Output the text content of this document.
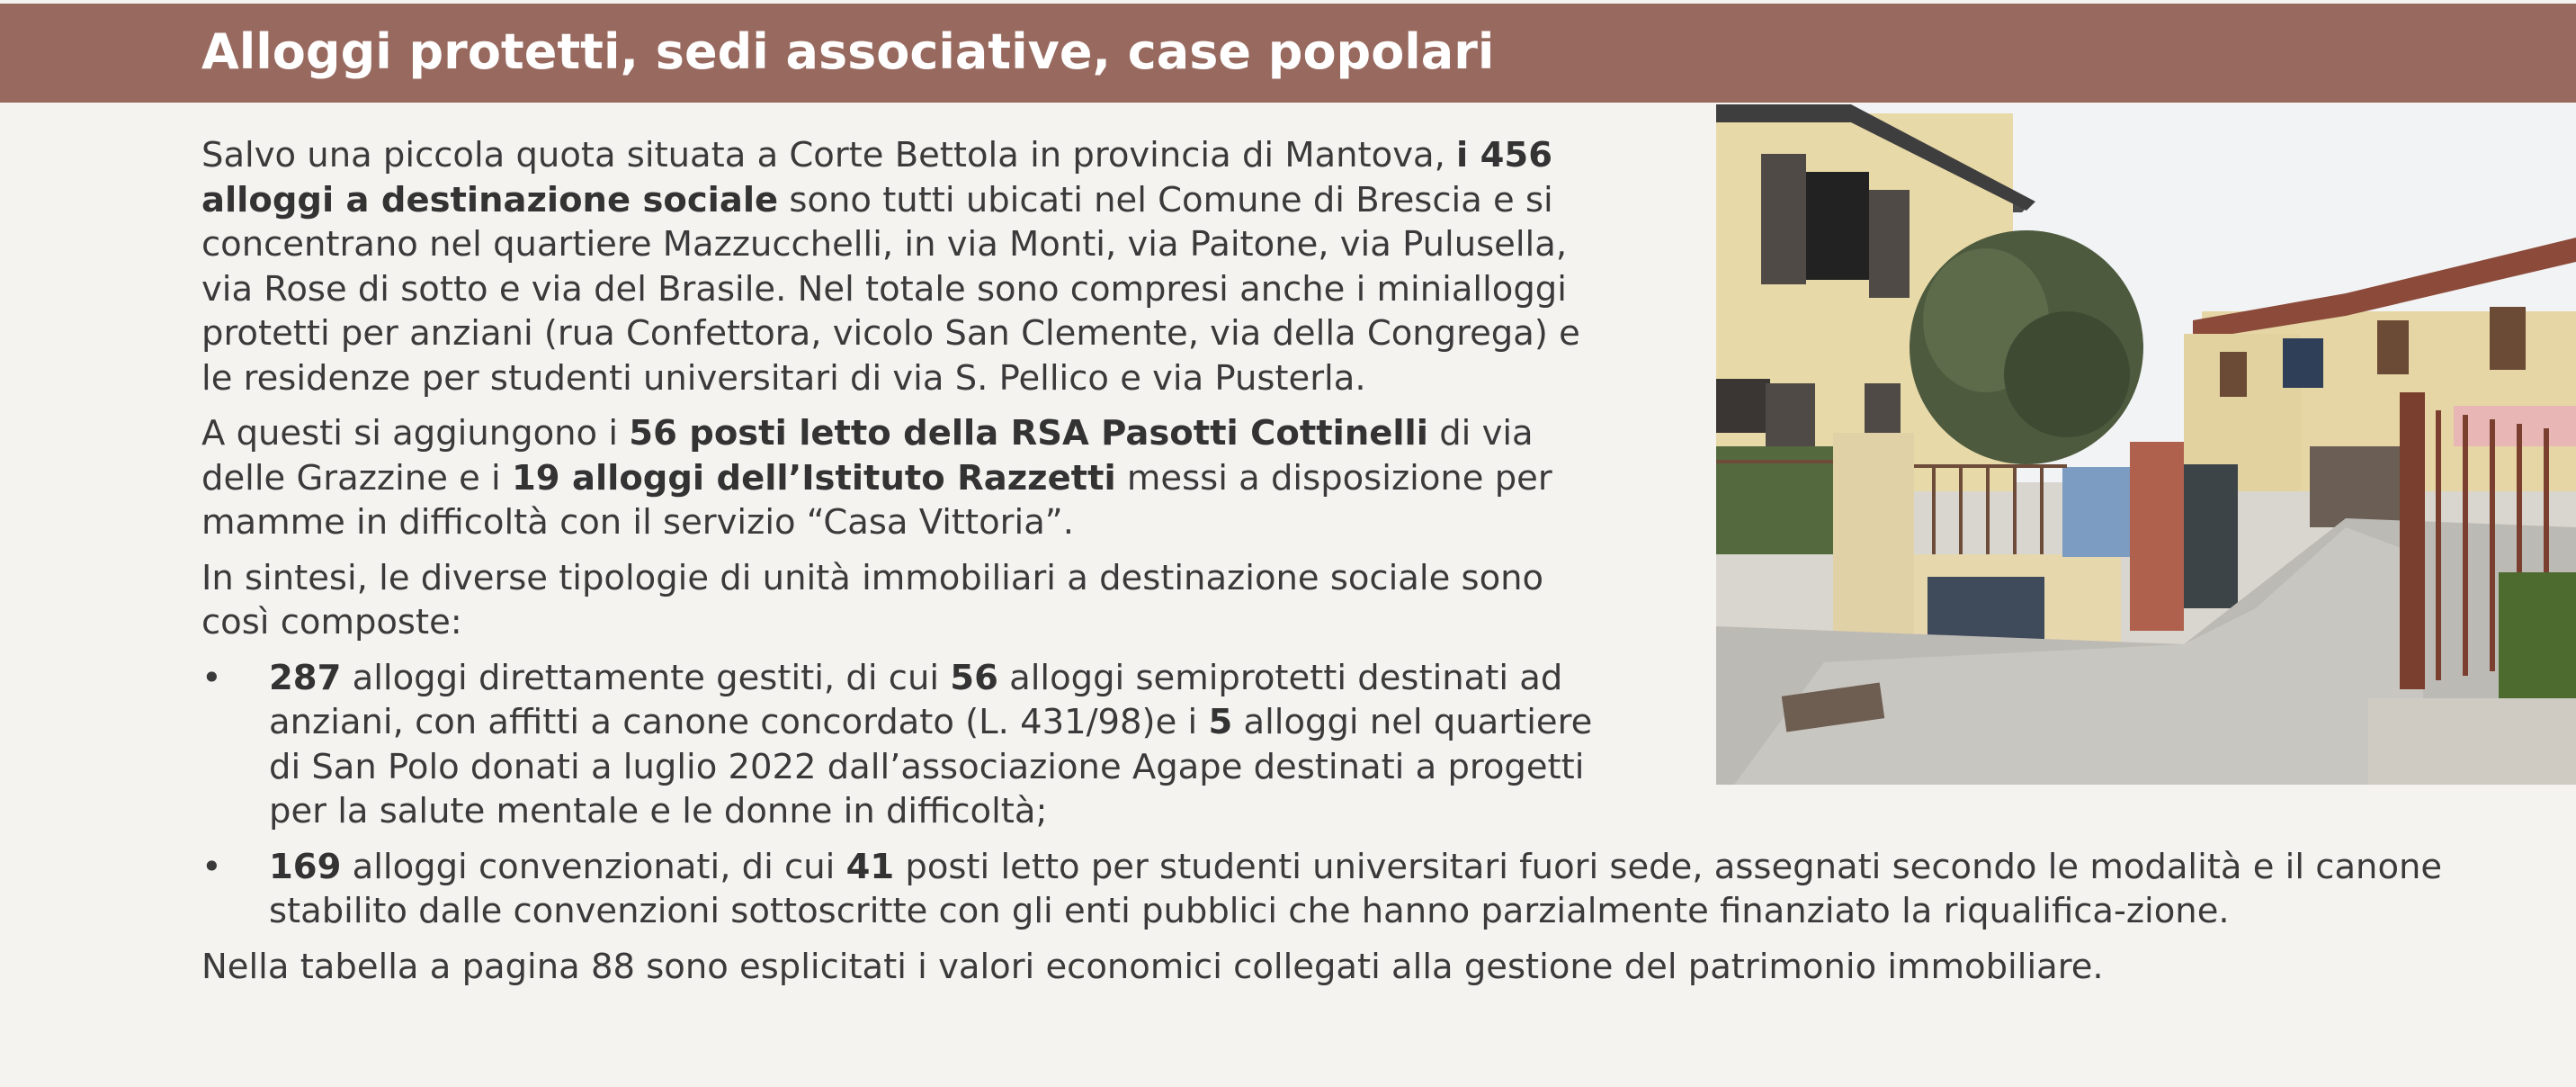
Alloggi protetti, sedi associative, case popolari

Salvo una piccola quota situata a Corte Bettola in provincia di Mantova, i 456 alloggi a destinazione sociale sono tutti ubicati nel Comune di Brescia e si concentrano nel quartiere Mazzucchelli, in via Monti, via Paitone, via Pulusella, via Rose di sotto e via del Brasile. Nel totale sono compresi anche i minialloggi protetti per anziani (rua Confettora, vicolo San Clemente, via della Congrega) e le residenze per studenti universitari di via S. Pellico e via Pusterla.

A questi si aggiungono i 56 posti letto della RSA Pasotti Cottinelli di via delle Grazzine e i 19 alloggi dell’Istituto Razzetti messi a disposizione per mamme in difficoltà con il servizio “Casa Vittoria”.

In sintesi, le diverse tipologie di unità immobiliari a destinazione sociale sono così composte:

• 287 alloggi direttamente gestiti, di cui 56 alloggi semiprotetti destinati ad anziani, con affitti a canone concordato (L. 431/98)e i 5 alloggi nel quartiere di San Polo donati a luglio 2022 dall’associazione Agape destinati a progetti per la salute mentale e le donne in difficoltà;
• 169 alloggi convenzionati, di cui 41 posti letto per studenti universitari fuori sede, assegnati secondo le modalità e il canone stabilito dalle convenzioni sottoscritte con gli enti pubblici che hanno parzialmente finanziato la riqualifica-zione.

Nella tabella a pagina 88 sono esplicitati i valori economici collegati alla gestione del patrimonio immobiliare.
